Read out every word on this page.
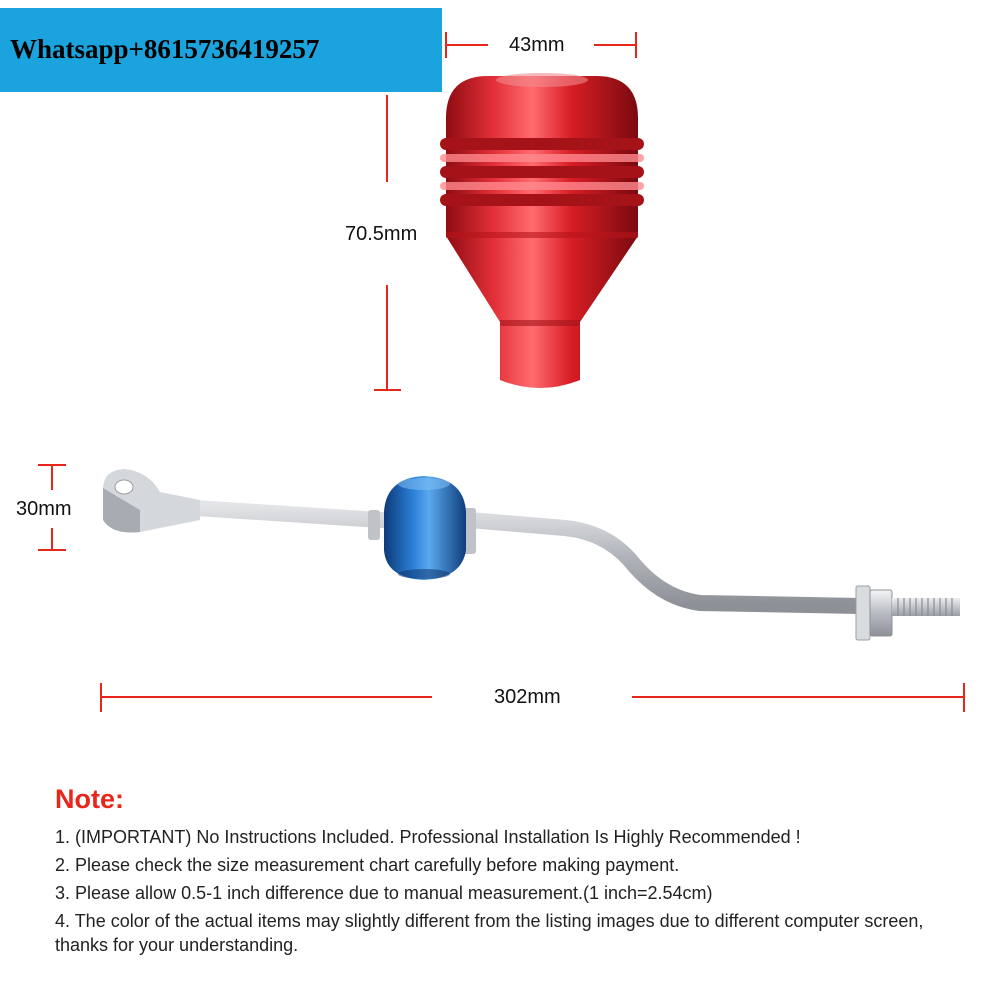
Whatsapp+8615736419257	43mm
70.5mm
30mm
302mm
Note:
1. (IMPORTANT) No Instructions Included. Professional Installation Is Highly Recommended !
2. Please check the size measurement chart carefully before making payment.
3. Please allow 0.5-1 inch difference due to manual measurement.(1 inch=2.54cm)
4. The color of the actual items may slightly different from the listing images due to different computer screen, thanks for your understanding.
